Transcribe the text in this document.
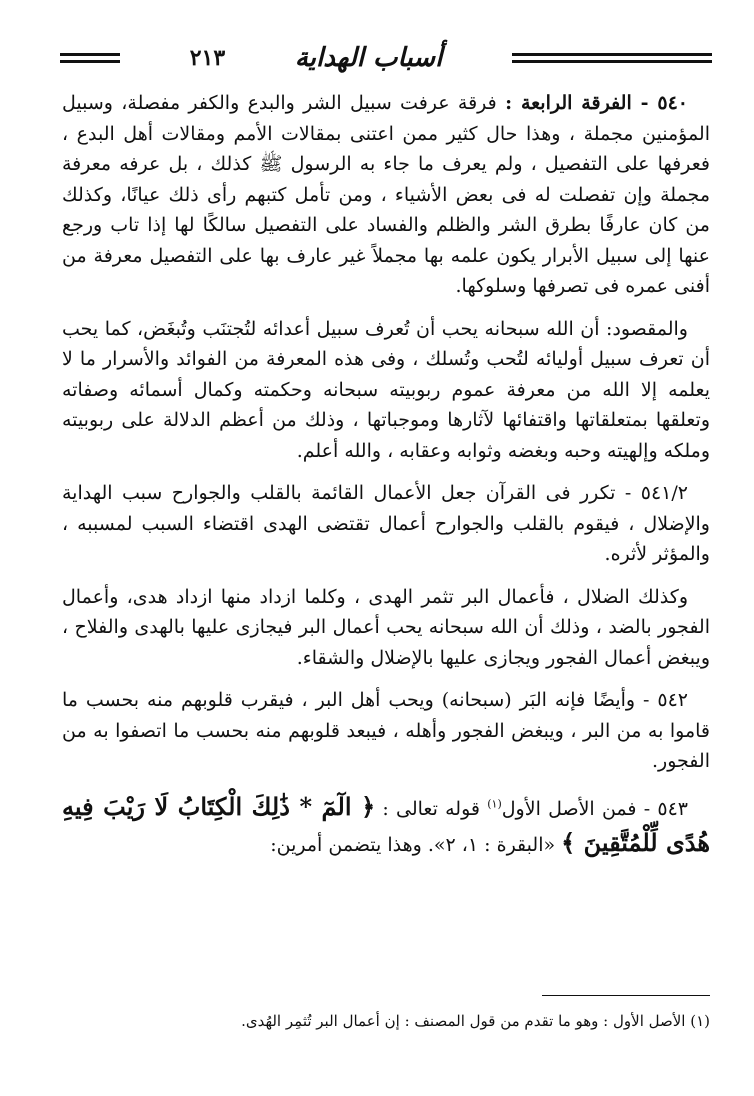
أسباب الهداية
٢١٣

٥٤٠ - الفرقة الرابعة : فرقة عرفت سبيل الشر والبدع والكفر مفصلة، وسبيل المؤمنين مجملة ، وهذا حال كثير ممن اعتنى بمقالات الأمم ومقالات أهل البدع ، فعرفها على التفصيل ، ولم يعرف ما جاء به الرسول ﷺ كذلك ، بل عرفه معرفة مجملة وإن تفصلت له فى بعض الأشياء ، ومن تأمل كتبهم رأى ذلك عيانًا، وكذلك من كان عارفًا بطرق الشر والظلم والفساد على التفصيل سالكًا لها إذا تاب ورجع عنها إلى سبيل الأبرار يكون علمه بها مجملاً غير عارف بها على التفصيل معرفة من أفنى عمره فى تصرفها وسلوكها.

والمقصود: أن الله سبحانه يحب أن تُعرف سبيل أعدائه لتُجتنَب وتُبغَض، كما يحب أن تعرف سبيل أوليائه لتُحب وتُسلك ، وفى هذه المعرفة من الفوائد والأسرار ما لا يعلمه إلا الله من معرفة عموم ربوبيته سبحانه وحكمته وكمال أسمائه وصفاته وتعلقها بمتعلقاتها واقتفائها لآثارها وموجباتها ، وذلك من أعظم الدلالة على ربوبيته وملكه وإلهيته وحبه وبغضه وثوابه وعقابه ، والله أعلم.

٥٤١/٢ - تكرر فى القرآن جعل الأعمال القائمة بالقلب والجوارح سبب الهداية والإضلال ، فيقوم بالقلب والجوارح أعمال تقتضى الهدى اقتضاء السبب لمسببه ، والمؤثر لأثره.

وكذلك الضلال ، فأعمال البر تثمر الهدى ، وكلما ازداد منها ازداد هدى، وأعمال الفجور بالضد ، وذلك أن الله سبحانه يحب أعمال البر فيجازى عليها بالهدى والفلاح ، ويبغض أعمال الفجور ويجازى عليها بالإضلال والشقاء.

٥٤٢ - وأيضًا فإنه البَر (سبحانه) ويحب أهل البر ، فيقرب قلوبهم منه بحسب ما قاموا به من البر ، ويبغض الفجور وأهله ، فيبعد قلوبهم منه بحسب ما اتصفوا به من الفجور.

٥٤٣ - فمن الأصل الأول$^{(١)}$ قوله تعالى : ﴿ الٓمٓ * ذَٰلِكَ الْكِتَابُ لَا رَيْبَ فِيهِ هُدًى لِّلْمُتَّقِينَ ﴾ «البقرة : ١، ٢». وهذا يتضمن أمرين:

(١) الأصل الأول : وهو ما تقدم من قول المصنف : إن أعمال البر تُثمِر الهُدى.
